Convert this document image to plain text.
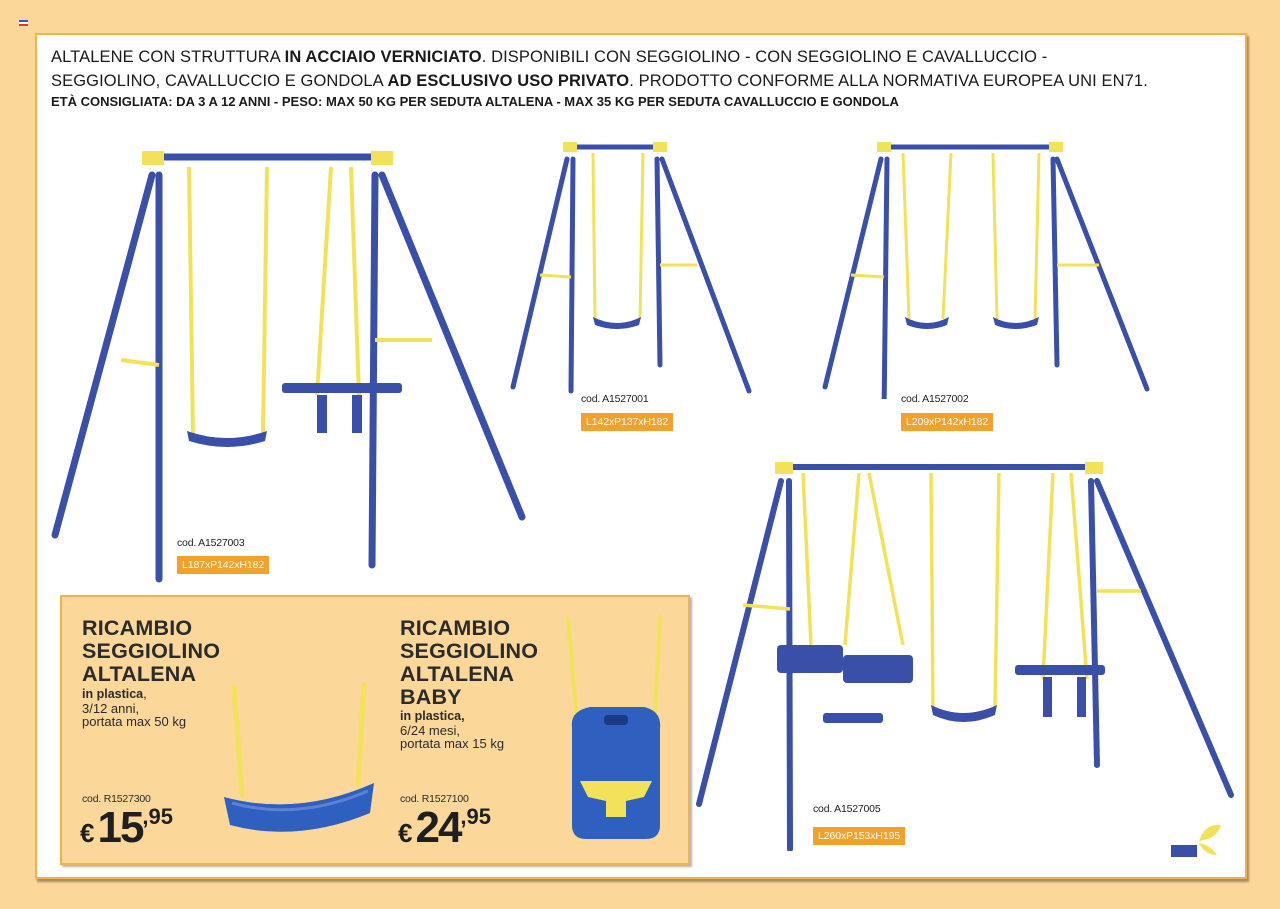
ALTALENE CON STRUTTURA IN ACCIAIO VERNICIATO. DISPONIBILI CON SEGGIOLINO - CON SEGGIOLINO E CAVALLUCCIO -

SEGGIOLINO, CAVALLUCCIO E GONDOLA AD ESCLUSIVO USO PRIVATO. PRODOTTO CONFORME ALLA NORMATIVA EUROPEA UNI EN71.

ETÀ CONSIGLIATA: DA 3 A 12 ANNI - PESO: MAX 50 KG PER SEDUTA ALTALENA - MAX 35 KG PER SEDUTA CAVALLUCCIO E GONDOLA

cod. A1527003
L187xP142xH182
cod. A1527001
L142xP137xH182
cod. A1527002
L209xP142xH182
cod. A1527005
L260xP153xH195

RICAMBIO
SEGGIOLINO
ALTALENA

in plastica,
3/12 anni,
portata max 50 kg

cod. R1527300
€15,95

RICAMBIO
SEGGIOLINO
ALTALENA
BABY

in plastica,
6/24 mesi,
portata max 15 kg

cod. R1527100
€24,95
